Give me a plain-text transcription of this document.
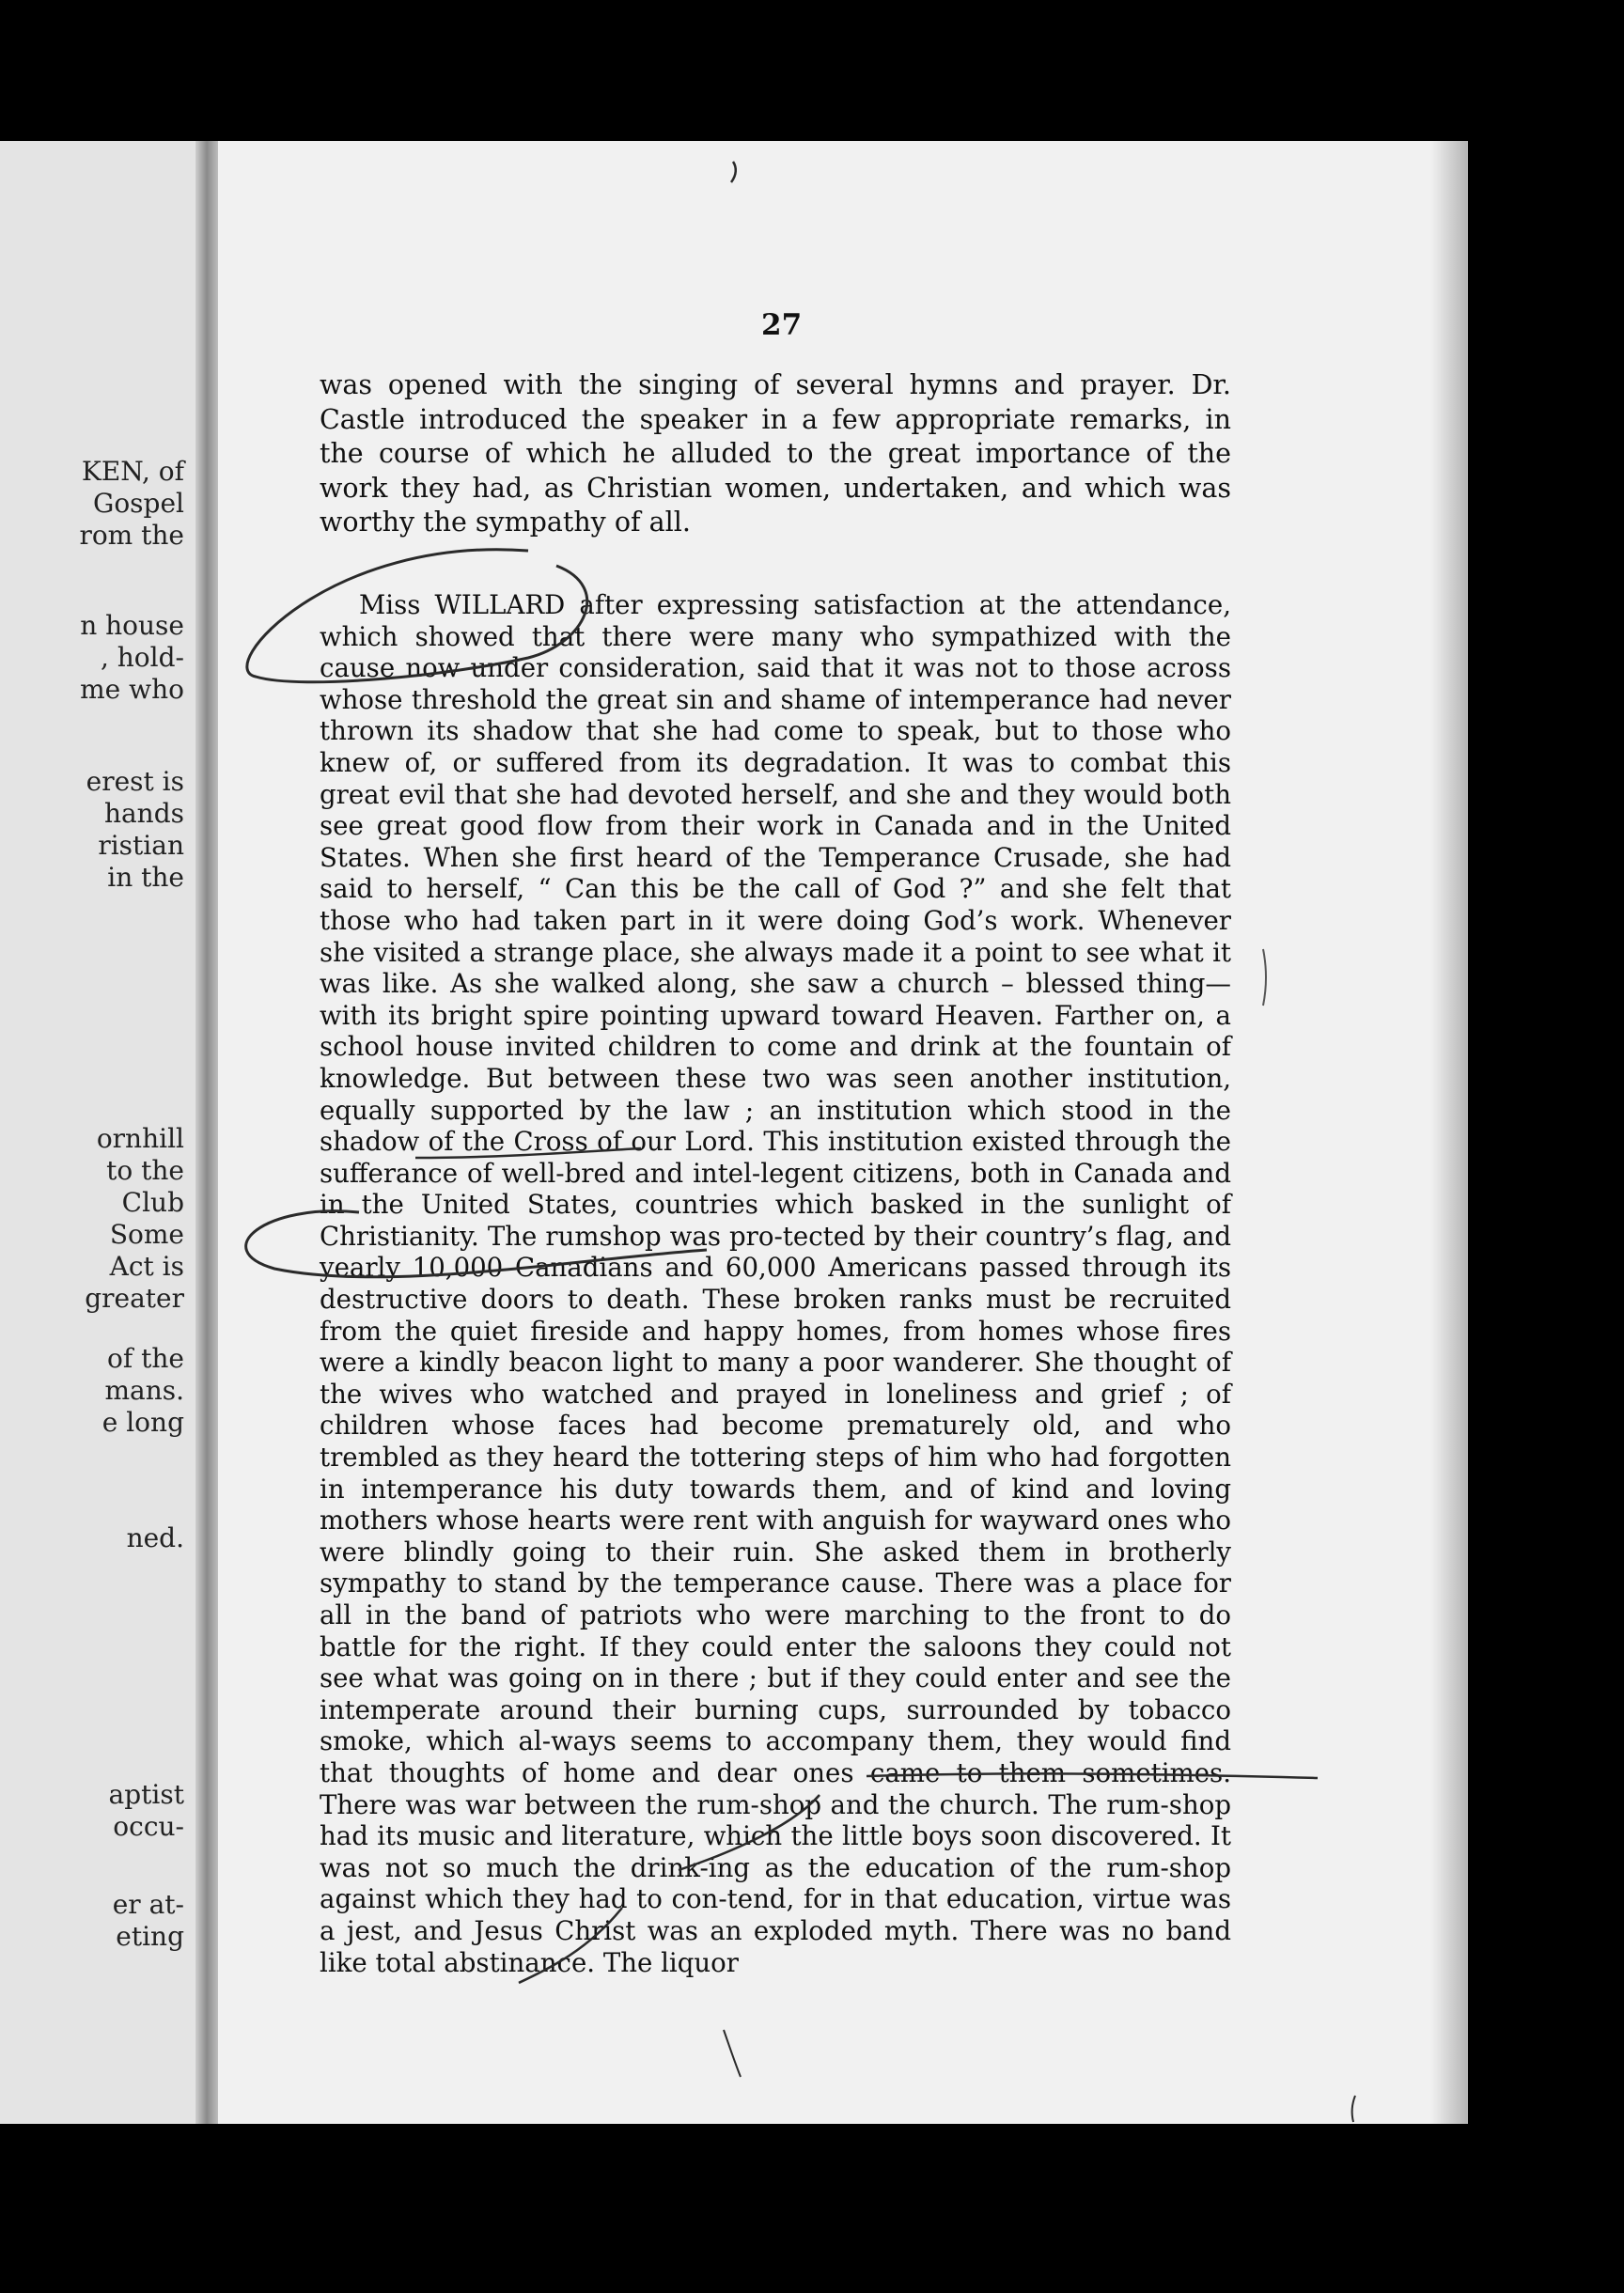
KEN, of
Gospel
rom the
n house
, hold-
me who
erest is
hands
ristian
in the
ornhill
to the
Club
Some
Act is
greater
of the
mans.
e long
ned.
aptist
occu-
er at-
eting
27

was opened with the singing of several hymns and prayer. Dr. Castle introduced the speaker in a few appropriate remarks, in the course of which he alluded to the great importance of the work they had, as Christian women, undertaken, and which was worthy the sympathy of all.

Miss WILLARD after expressing satisfaction at the attendance, which showed that there were many who sympathized with the cause now under consideration, said that it was not to those across whose threshold the great sin and shame of intemperance had never thrown its shadow that she had come to speak, but to those who knew of, or suffered from its degradation. It was to combat this great evil that she had devoted herself, and she and they would both see great good flow from their work in Canada and in the United States. When she first heard of the Temperance Crusade, she had said to herself, “ Can this be the call of God ?” and she felt that those who had taken part in it were doing God’s work. Whenever she visited a strange place, she always made it a point to see what it was like. As she walked along, she saw a church – blessed thing—with its bright spire pointing upward toward Heaven. Farther on, a school house invited children to come and drink at the fountain of knowledge. But between these two was seen another institution, equally supported by the law ; an institution which stood in the shadow of the Cross of our Lord. This institution existed through the sufferance of well-bred and intel-legent citizens, both in Canada and in the United States, countries which basked in the sunlight of Christianity. The rumshop was pro-tected by their country’s flag, and yearly 10,000 Canadians and 60,000 Americans passed through its destructive doors to death. These broken ranks must be recruited from the quiet fireside and happy homes, from homes whose fires were a kindly beacon light to many a poor wanderer. She thought of the wives who watched and prayed in loneliness and grief ; of children whose faces had become prematurely old, and who trembled as they heard the tottering steps of him who had forgotten in intemperance his duty towards them, and of kind and loving mothers whose hearts were rent with anguish for wayward ones who were blindly going to their ruin. She asked them in brotherly sympathy to stand by the temperance cause. There was a place for all in the band of patriots who were marching to the front to do battle for the right. If they could enter the saloons they could not see what was going on in there ; but if they could enter and see the intemperate around their burning cups, surrounded by tobacco smoke, which al-ways seems to accompany them, they would find that thoughts of home and dear ones came to them sometimes. There was war between the rum-shop and the church. The rum-shop had its music and literature, which the little boys soon discovered. It was not so much the drink-ing as the education of the rum-shop against which they had to con-tend, for in that education, virtue was a jest, and Jesus Christ was an exploded myth. There was no band like total abstinance. The liquor
